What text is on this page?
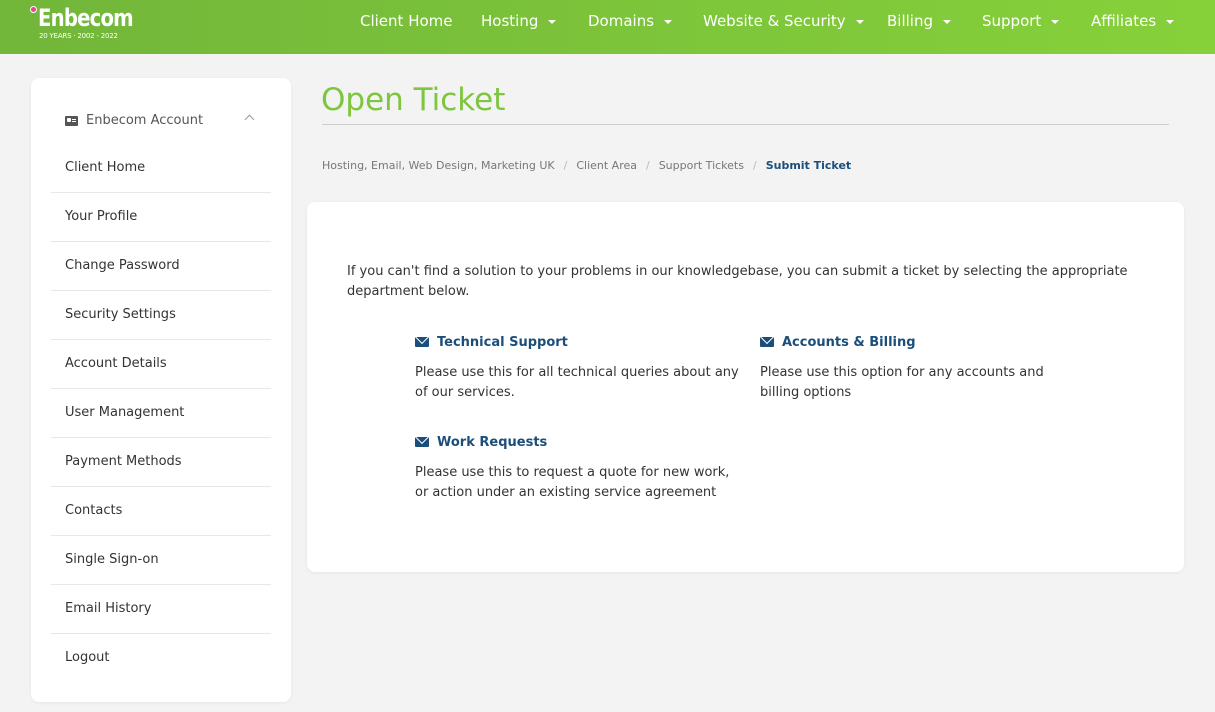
Enbecom
20 YEARS · 2002 - 2022
Client Home Hosting	Domains	Website & Security	Billing	Support	Affiliates
Enbecom Account
Client Home
Your Profile
Change Password
Security Settings
Account Details
User Management
Payment Methods
Contacts
Single Sign-on
Email History
Logout
Open Ticket
Hosting, Email, Web Design, Marketing UK / Client Area / Support Tickets / Submit Ticket

If you can't find a solution to your problems in our knowledgebase, you can submit a ticket by selecting the appropriate department below.

Technical Support
Please use this for all technical queries about any of our services.
Accounts & Billing
Please use this option for any accounts and billing options
Work Requests
Please use this to request a quote for new work, or action under an existing service agreement
